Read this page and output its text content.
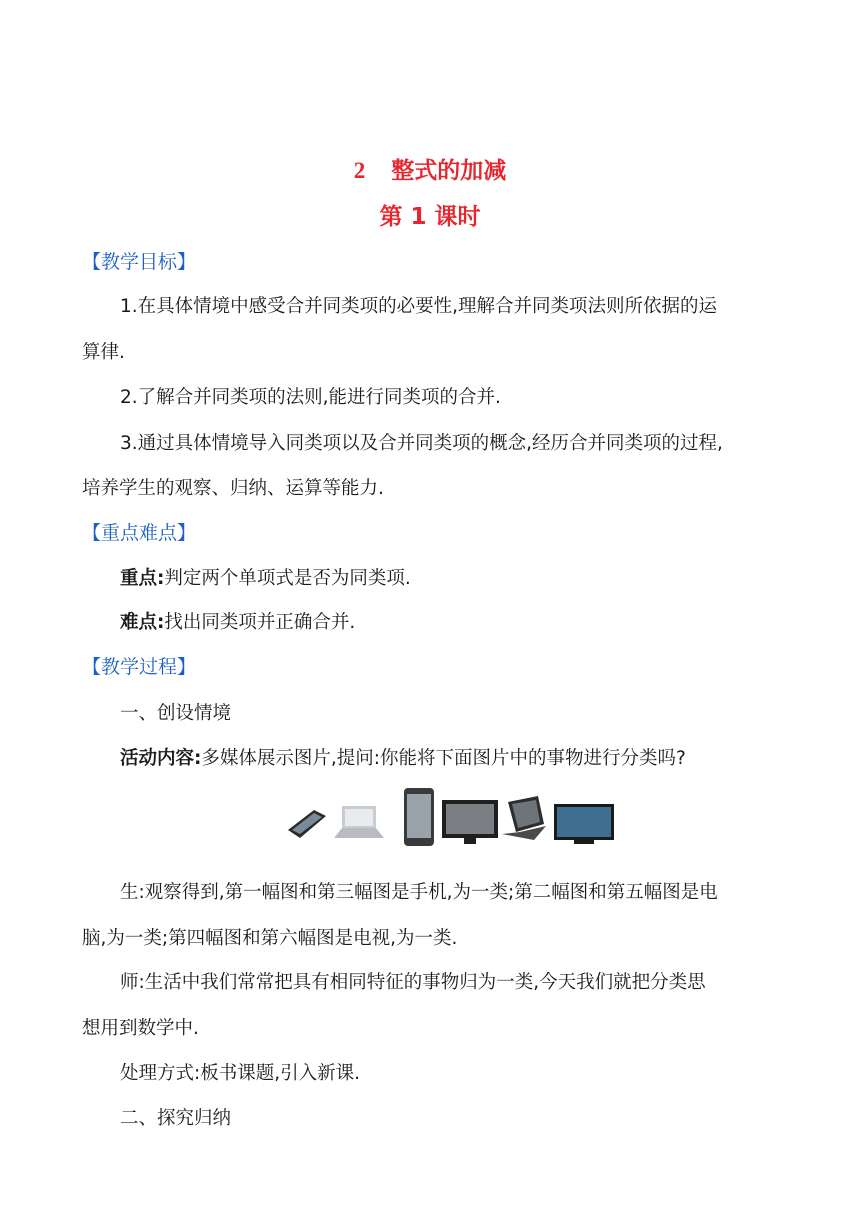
2 整式的加减
第 1 课时
【教学目标】
1.在具体情境中感受合并同类项的必要性,理解合并同类项法则所依据的运
算律.
2.了解合并同类项的法则,能进行同类项的合并.
3.通过具体情境导入同类项以及合并同类项的概念,经历合并同类项的过程,
培养学生的观察、归纳、运算等能力.
【重点难点】
重点:判定两个单项式是否为同类项.
难点:找出同类项并正确合并.
【教学过程】
一、创设情境
活动内容:多媒体展示图片,提问:你能将下面图片中的事物进行分类吗?
生:观察得到,第一幅图和第三幅图是手机,为一类;第二幅图和第五幅图是电
脑,为一类;第四幅图和第六幅图是电视,为一类.
师:生活中我们常常把具有相同特征的事物归为一类,今天我们就把分类思
想用到数学中.
处理方式:板书课题,引入新课.
二、探究归纳
